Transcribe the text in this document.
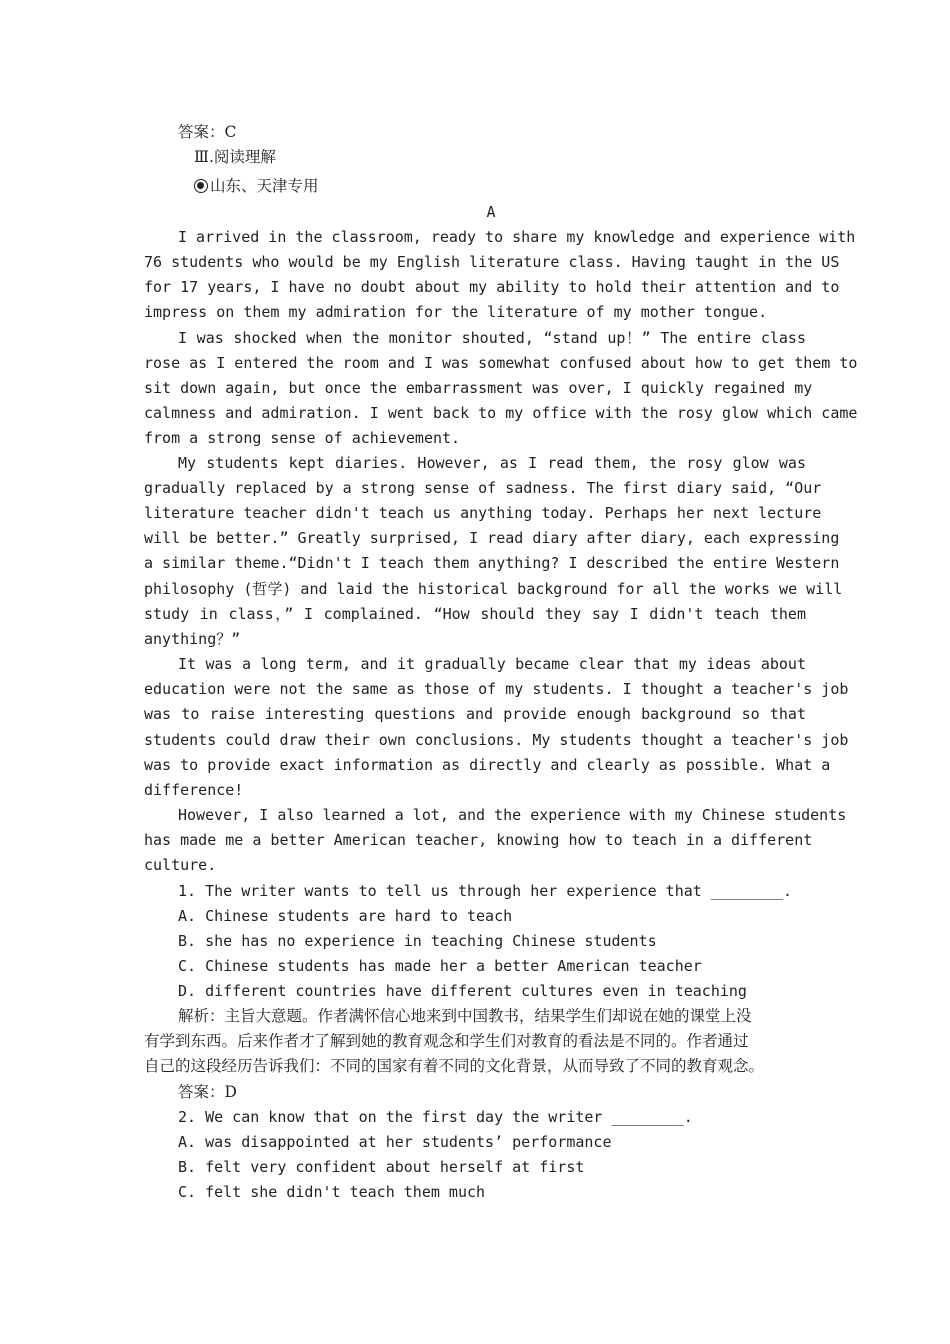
答案：C
Ⅲ.阅读理解
山东、天津专用
A
I arrived in the classroom, ready to share my knowledge and experience with
76 students who would be my English literature class. Having taught in the US
for 17 years, I have no doubt about my ability to hold their attention and to
impress on them my admiration for the literature of my mother tongue.
I was shocked when the monitor shouted, “stand up！” The entire class
rose as I entered the room and I was somewhat confused about how to get them to
sit down again, but once the embarrassment was over, I quickly regained my
calmness and admiration. I went back to my office with the rosy glow which came
from a strong sense of achievement.
My students kept diaries. However, as I read them, the rosy glow was
gradually replaced by a strong sense of sadness. The first diary said, “Our
literature teacher didn't teach us anything today. Perhaps her next lecture
will be better.” Greatly surprised, I read diary after diary, each expressing
a similar theme.“Didn't I teach them anything? I described the entire Western
philosophy (哲学) and laid the historical background for all the works we will
study in class，” I complained. “How should they say I didn't teach them
anything？”
It was a long term, and it gradually became clear that my ideas about
education were not the same as those of my students. I thought a teacher's job
was to raise interesting questions and provide enough background so that
students could draw their own conclusions. My students thought a teacher's job
was to provide exact information as directly and clearly as possible. What a
difference!
However, I also learned a lot, and the experience with my Chinese students
has made me a better American teacher, knowing how to teach in a different
culture.
1. The writer wants to tell us through her experience that ________.
A. Chinese students are hard to teach
B. she has no experience in teaching Chinese students
C. Chinese students has made her a better American teacher
D. different countries have different cultures even in teaching
解析：主旨大意题。作者满怀信心地来到中国教书，结果学生们却说在她的课堂上没
有学到东西。后来作者才了解到她的教育观念和学生们对教育的看法是不同的。作者通过
自己的这段经历告诉我们：不同的国家有着不同的文化背景，从而导致了不同的教育观念。
答案：D
2. We can know that on the first day the writer ________.
A. was disappointed at her students’ performance
B. felt very confident about herself at first
C. felt she didn't teach them much
